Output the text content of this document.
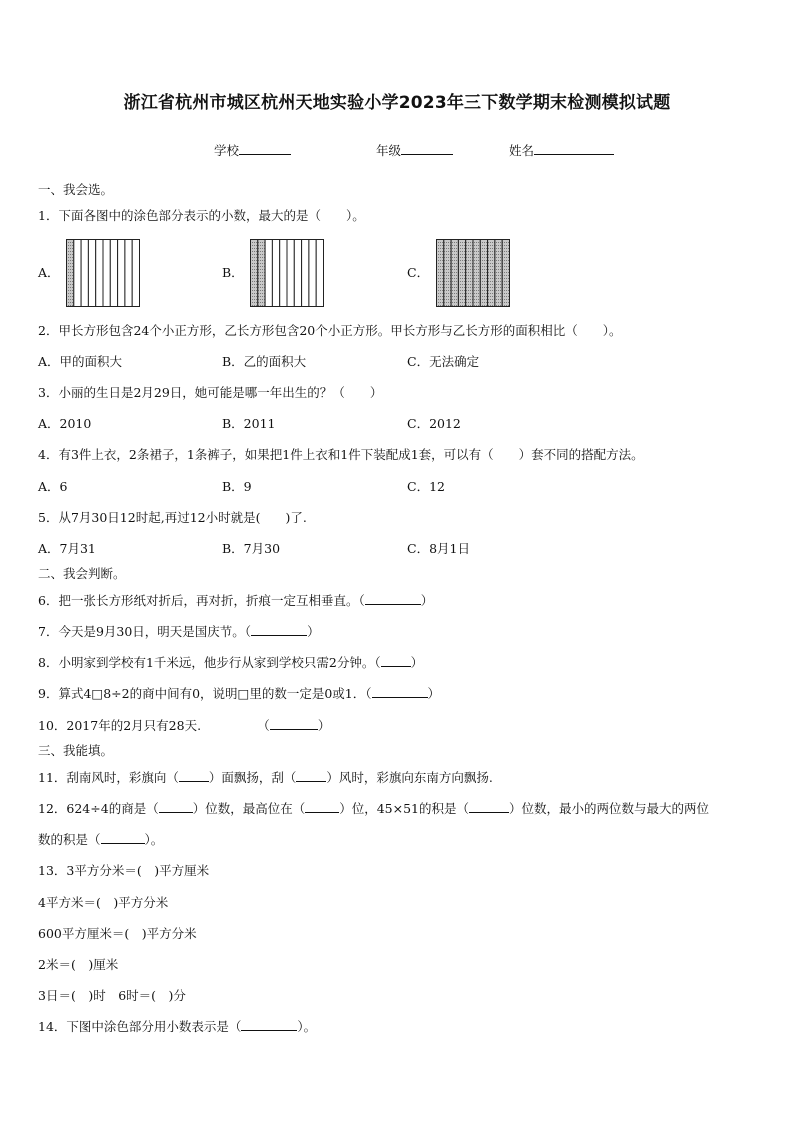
浙江省杭州市城区杭州天地实验小学2023年三下数学期末检测模拟试题
学校	年级	姓名
一、我会选。
1．下面各图中的涂色部分表示的小数，最大的是（　　）。
A．	B．	C．
2．甲长方形包含24个小正方形，乙长方形包含20个小正方形。甲长方形与乙长方形的面积相比（　　）。
A．甲的面积大	B．乙的面积大	C．无法确定
3．小丽的生日是2月29日，她可能是哪一年出生的？（　　）
A．2010	B．2011	C．2012
4．有3件上衣，2条裙子，1条裤子，如果把1件上衣和1件下装配成1套，可以有（　　）套不同的搭配方法。
A．6	B．9	C．12
5．从7月30日12时起,再过12小时就是(　　)了.
A．7月31	B．7月30	C．8月1日
二、我会判断。
6．把一张长方形纸对折后，再对折，折痕一定互相垂直。（	）
7．今天是9月30日，明天是国庆节。（	）
8．小明家到学校有1千米远，他步行从家到学校只需2分钟。（ ）
9．算式4□8÷2的商中间有0，说明□里的数一定是0或1．（	）
10．2017年的2月只有28天.　　　　　（	）
三、我能填。
11．刮南风时，彩旗向（ ）面飘扬，刮（ ）风时，彩旗向东南方向飘扬.
12．624÷4的商是（	）位数，最高位在（	）位，45×51的积是（	）位数，最小的两位数与最大的两位
数的积是（	）。
13．3平方分米＝(　)平方厘米
4平方米＝(　)平方分米
600平方厘米＝(　)平方分米
2米＝(　)厘米
3日＝(　)时　6时＝(　)分
14．下图中涂色部分用小数表示是（	）。
